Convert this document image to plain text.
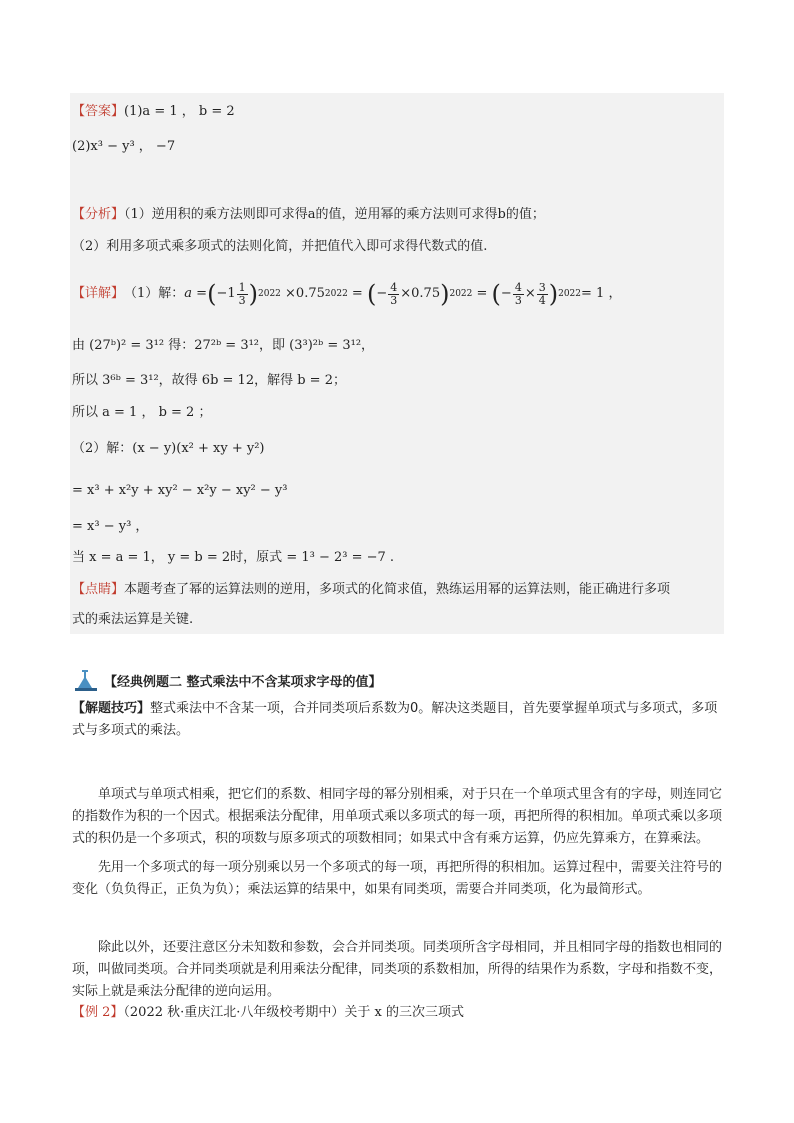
【答案】(1)a = 1 ， b = 2
(2)x³ − y³ ， −7
【分析】（1）逆用积的乘方法则即可求得a的值，逆用幂的乘方法则可求得b的值；
（2）利用多项式乘多项式的法则化简，并把值代入即可求得代数式的值.
【详解】 （1）解： a = ( $-1 \frac{1}{3}$ ) 2022 ×0.75 2022 = ( − $\frac{4}{3} \times 0.75$ ) 2022 = ( − $\frac{4}{3} \times \frac{3}{4}$ ) 2022 = 1 ，
由 (27ᵇ)² = 3¹² 得：27²ᵇ = 3¹²，即 (3³)²ᵇ = 3¹²，
所以 3⁶ᵇ = 3¹²，故得 6b = 12，解得 b = 2；
所以 a = 1 ， b = 2 ；
（2）解：(x − y)(x² + xy + y²)
= x³ + x²y + xy² − x²y − xy² − y³
= x³ − y³ ，
当 x = a = 1， y = b = 2时，原式 = 1³ − 2³ = −7 .
【点睛】本题考查了幂的运算法则的逆用，多项式的化简求值，熟练运用幂的运算法则，能正确进行多项
式的乘法运算是关键.
【经典例题二 整式乘法中不含某项求字母的值】
【解题技巧】整式乘法中不含某一项，合并同类项后系数为0。解决这类题目，首先要掌握单项式与多项式，多项式与多项式的乘法。
单项式与单项式相乘，把它们的系数、相同字母的幂分别相乘，对于只在一个单项式里含有的字母，则连同它的指数作为积的一个因式。根据乘法分配律，用单项式乘以多项式的每一项，再把所得的积相加。单项式乘以多项式的积仍是一个多项式，积的项数与原多项式的项数相同；如果式中含有乘方运算，仍应先算乘方，在算乘法。
先用一个多项式的每一项分别乘以另一个多项式的每一项，再把所得的积相加。运算过程中，需要关注符号的变化（负负得正，正负为负）；乘法运算的结果中，如果有同类项，需要合并同类项，化为最简形式。
除此以外，还要注意区分未知数和参数，会合并同类项。同类项所含字母相同，并且相同字母的指数也相同的项，叫做同类项。合并同类项就是利用乘法分配律，同类项的系数相加，所得的结果作为系数，字母和指数不变，实际上就是乘法分配律的逆向运用。
【例 2】（2022 秋·重庆江北·八年级校考期中）关于 x 的三次三项式
